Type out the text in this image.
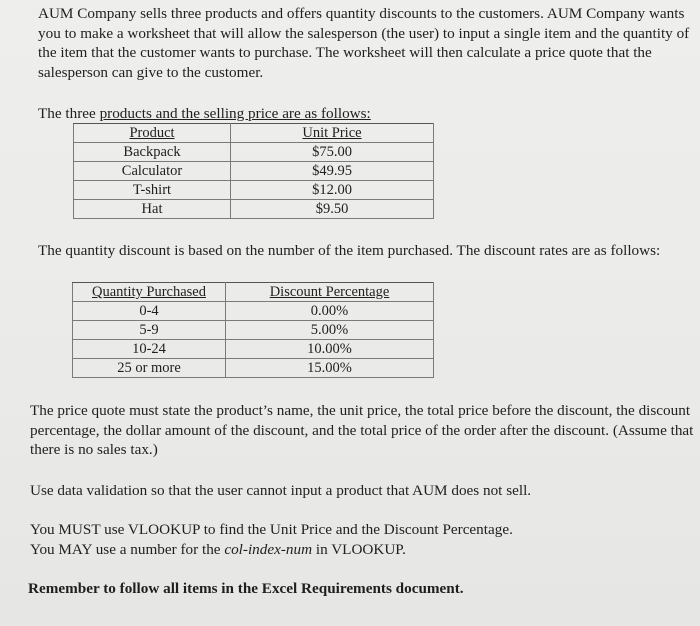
AUM Company sells three products and offers quantity discounts to the customers. AUM Company wants you to make a worksheet that will allow the salesperson (the user) to input a single item and the quantity of the item that the customer wants to purchase. The worksheet will then calculate a price quote that the salesperson can give to the customer.

The three products and the selling price are as follows:

Product	Unit Price
Backpack	$75.00
Calculator	$49.95
T-shirt	$12.00
Hat	$9.50

The quantity discount is based on the number of the item purchased. The discount rates are as follows:

Quantity Purchased	Discount Percentage
0-4	0.00%
5-9	5.00%
10-24	10.00%
25 or more	15.00%

The price quote must state the product’s name, the unit price, the total price before the discount, the discount percentage, the dollar amount of the discount, and the total price of the order after the discount. (Assume that there is no sales tax.)

Use data validation so that the user cannot input a product that AUM does not sell.

You MUST use VLOOKUP to find the Unit Price and the Discount Percentage.
You MAY use a number for the col-index-num in VLOOKUP.

Remember to follow all items in the Excel Requirements document.
